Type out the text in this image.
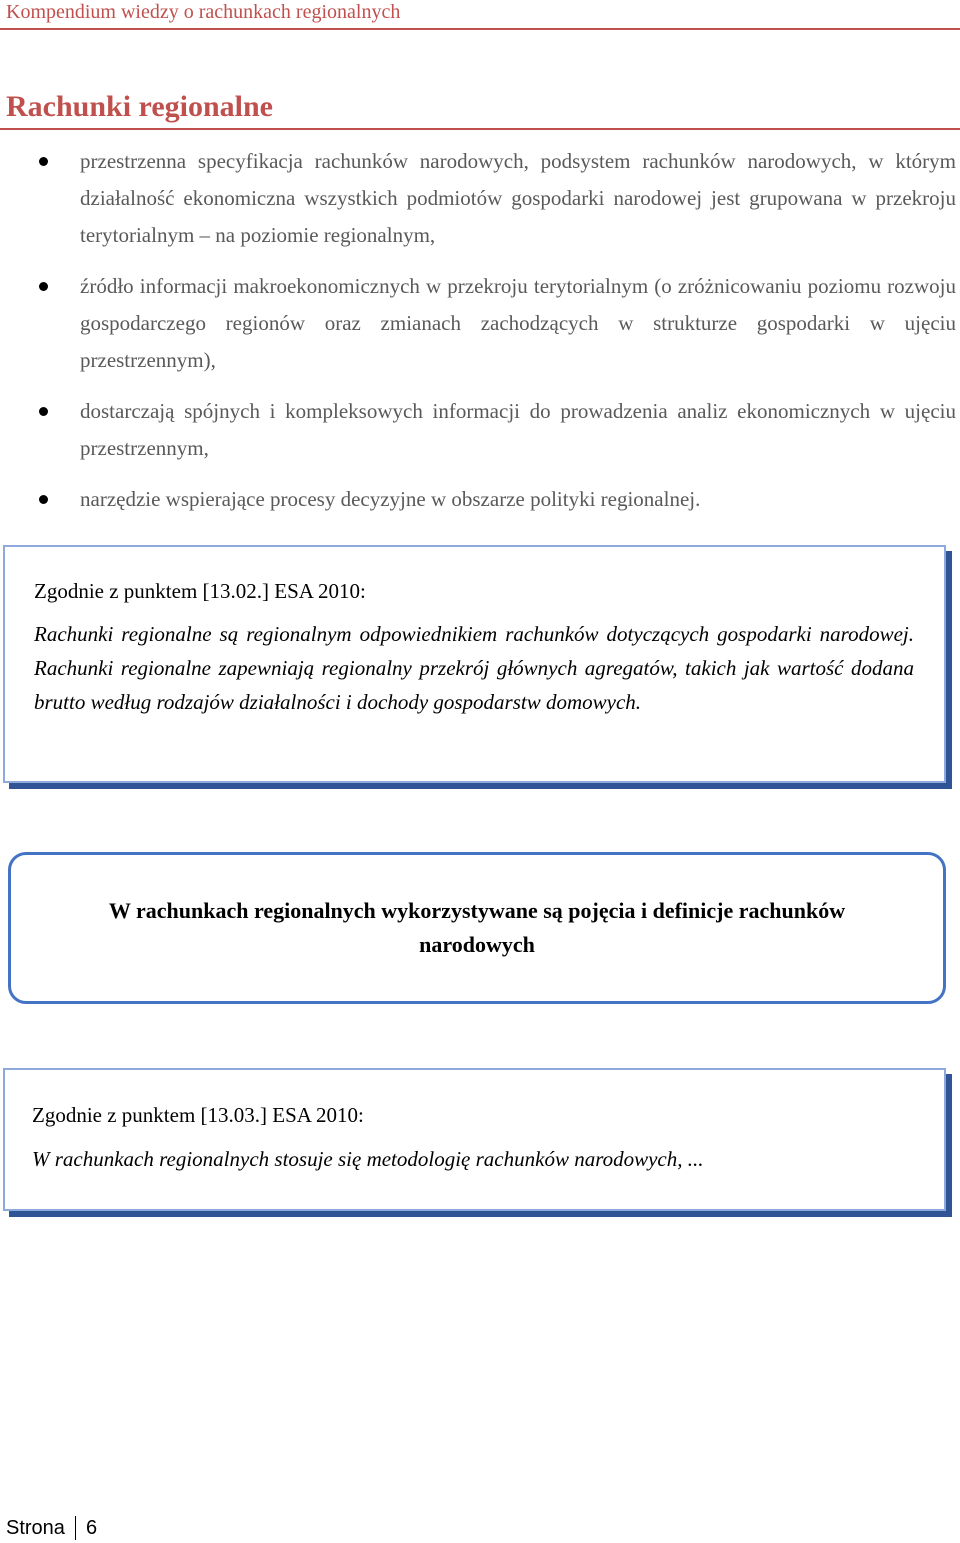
Kompendium wiedzy o rachunkach regionalnych
Rachunki regionalne
przestrzenna specyfikacja rachunków narodowych, podsystem rachunków narodowych, w którym działalność ekonomiczna wszystkich podmiotów gospodarki narodowej jest grupowana w przekroju terytorialnym – na poziomie regionalnym,
źródło informacji makroekonomicznych w przekroju terytorialnym (o zróżnicowaniu poziomu rozwoju gospodarczego regionów oraz zmianach zachodzących w strukturze gospodarki w ujęciu przestrzennym),
dostarczają spójnych i kompleksowych informacji do prowadzenia analiz ekonomicznych w ujęciu przestrzennym,
narzędzie wspierające procesy decyzyjne w obszarze polityki regionalnej.

Zgodnie z punktem [13.02.] ESA 2010:

Rachunki regionalne są regionalnym odpowiednikiem rachunków dotyczących gospodarki narodowej. Rachunki regionalne zapewniają regionalny przekrój głównych agregatów, takich jak wartość dodana brutto według rodzajów działalności i dochody gospodarstw domowych.

W rachunkach regionalnych wykorzystywane są pojęcia i definicje rachunków narodowych

Zgodnie z punktem [13.03.] ESA 2010:

W rachunkach regionalnych stosuje się metodologię rachunków narodowych, ...

Strona 6
